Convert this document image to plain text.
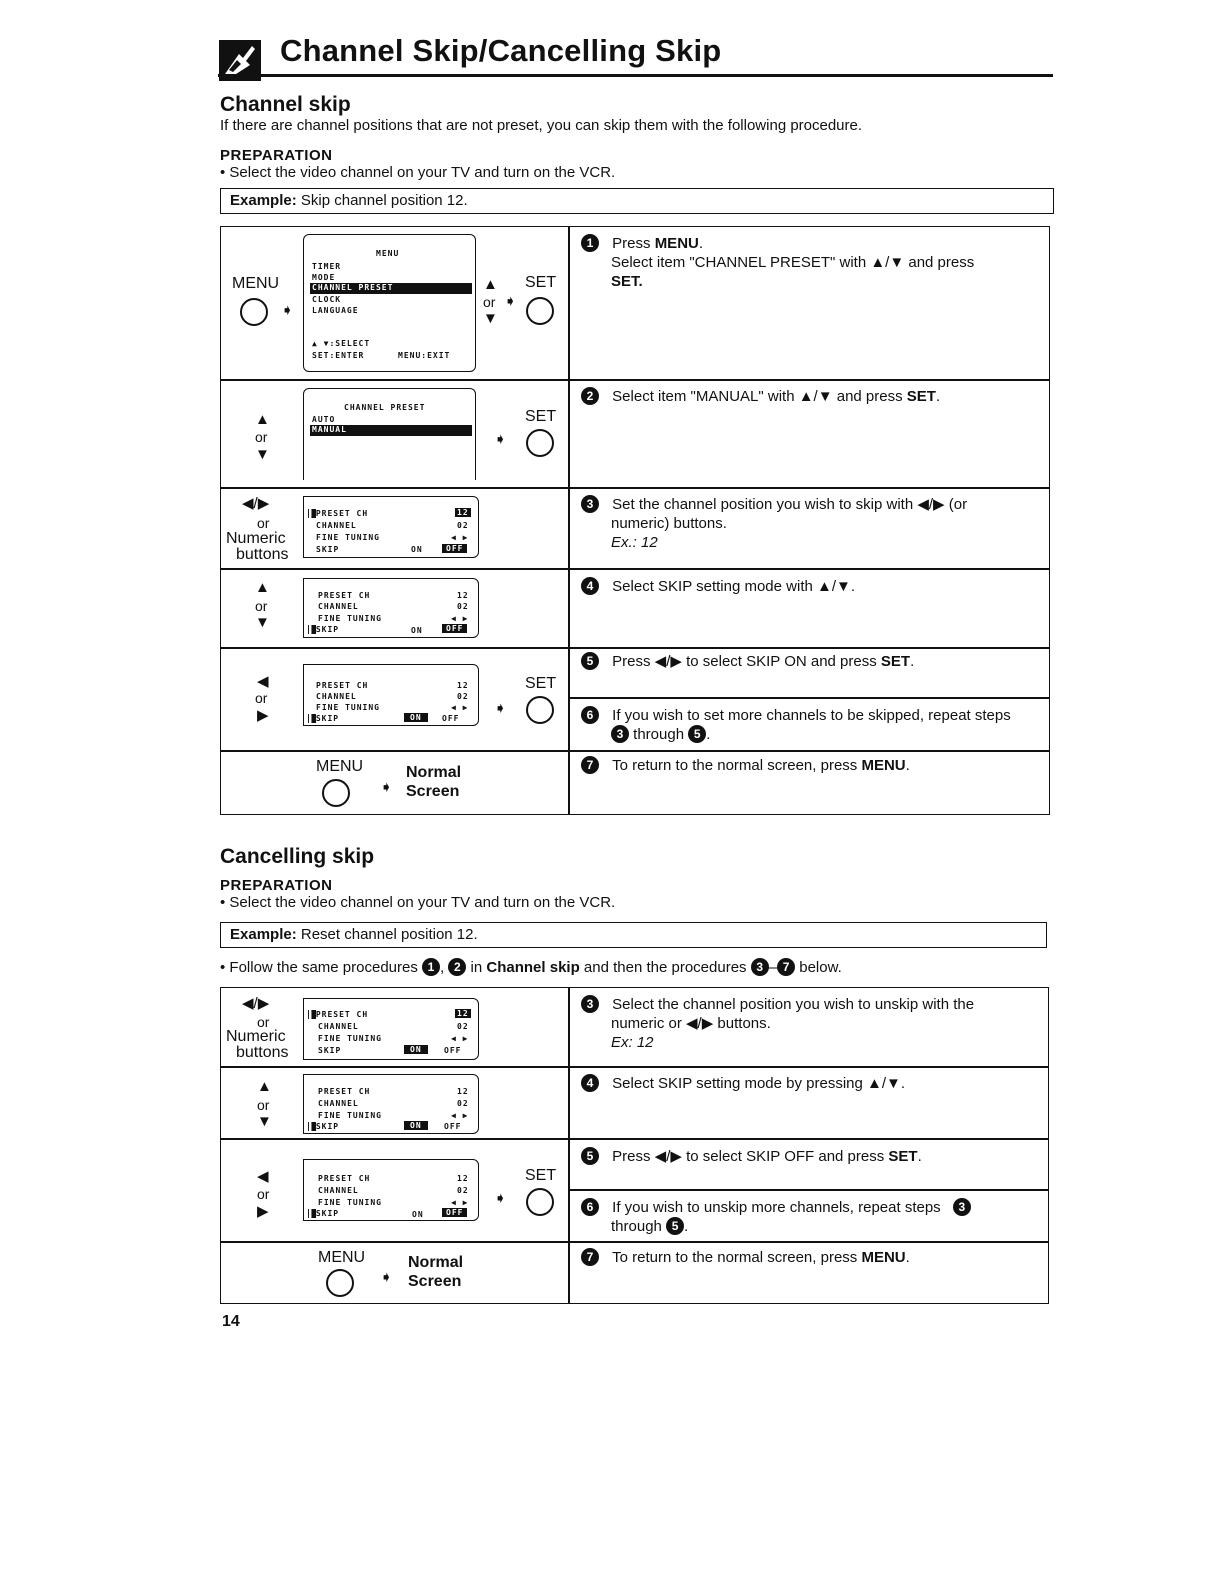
Channel Skip/Cancelling Skip
Channel skip
If there are channel positions that are not preset, you can skip them with the following procedure.
PREPARATION
• Select the video channel on your TV and turn on the VCR.
Example: Skip channel position 12.
MENU
➧
MENU
TIMER
MODE
CHANNEL PRESET
CLOCK
LANGUAGE
▲ ▼:SELECT
SET:ENTER	MENU:EXIT
▲
or
▼
➧
SET
1 Press MENU.
Select item "CHANNEL PRESET" with ▲/▼ and press
SET.
▲
or
▼
CHANNEL PRESET
AUTO
MANUAL
➧
SET
2 Select item "MANUAL" with ▲/▼ and press SET.
◀/▶
or
Numeric
buttons
▌PRESET CH
CHANNEL
FINE TUNING
SKIP
12
02
◀ ▶
ON	OFF
3 Set the channel position you wish to skip with ◀/▶ (or
numeric) buttons.
Ex.: 12
▲
or
▼
PRESET CH
CHANNEL
FINE TUNING
▌SKIP
12
02
◀ ▶
ON	OFF
4 Select SKIP setting mode with ▲/▼.
◀
or
▶
PRESET CH
CHANNEL
FINE TUNING
▌SKIP
12
02
◀ ▶
ON	OFF
➧
SET
5 Press ◀/▶ to select SKIP ON and press SET.
6 If you wish to set more channels to be skipped, repeat steps
3 through 5 .
MENU
➧
Normal
Screen
7 To return to the normal screen, press MENU.
Cancelling skip
PREPARATION
• Select the video channel on your TV and turn on the VCR.
Example: Reset channel position 12.
• Follow the same procedures 1 , 2 in Channel skip and then the procedures 3 – 7 below.
◀/▶
or
Numeric
buttons
▌PRESET CH
CHANNEL
FINE TUNING
SKIP
12
02
◀ ▶
ON	OFF
3 Select the channel position you wish to unskip with the
numeric or ◀/▶ buttons.
Ex: 12
▲
or
▼
PRESET CH
CHANNEL
FINE TUNING
▌SKIP
12
02
◀ ▶
ON	OFF
4 Select SKIP setting mode by pressing ▲/▼.
◀
or
▶
PRESET CH
CHANNEL
FINE TUNING
▌SKIP
12
02
◀ ▶
ON	OFF
➧
SET
5 Press ◀/▶ to select SKIP OFF and press SET.
6 If you wish to unskip more channels, repeat steps 3
through 5 .
MENU
➧
Normal
Screen
7 To return to the normal screen, press MENU.
14
